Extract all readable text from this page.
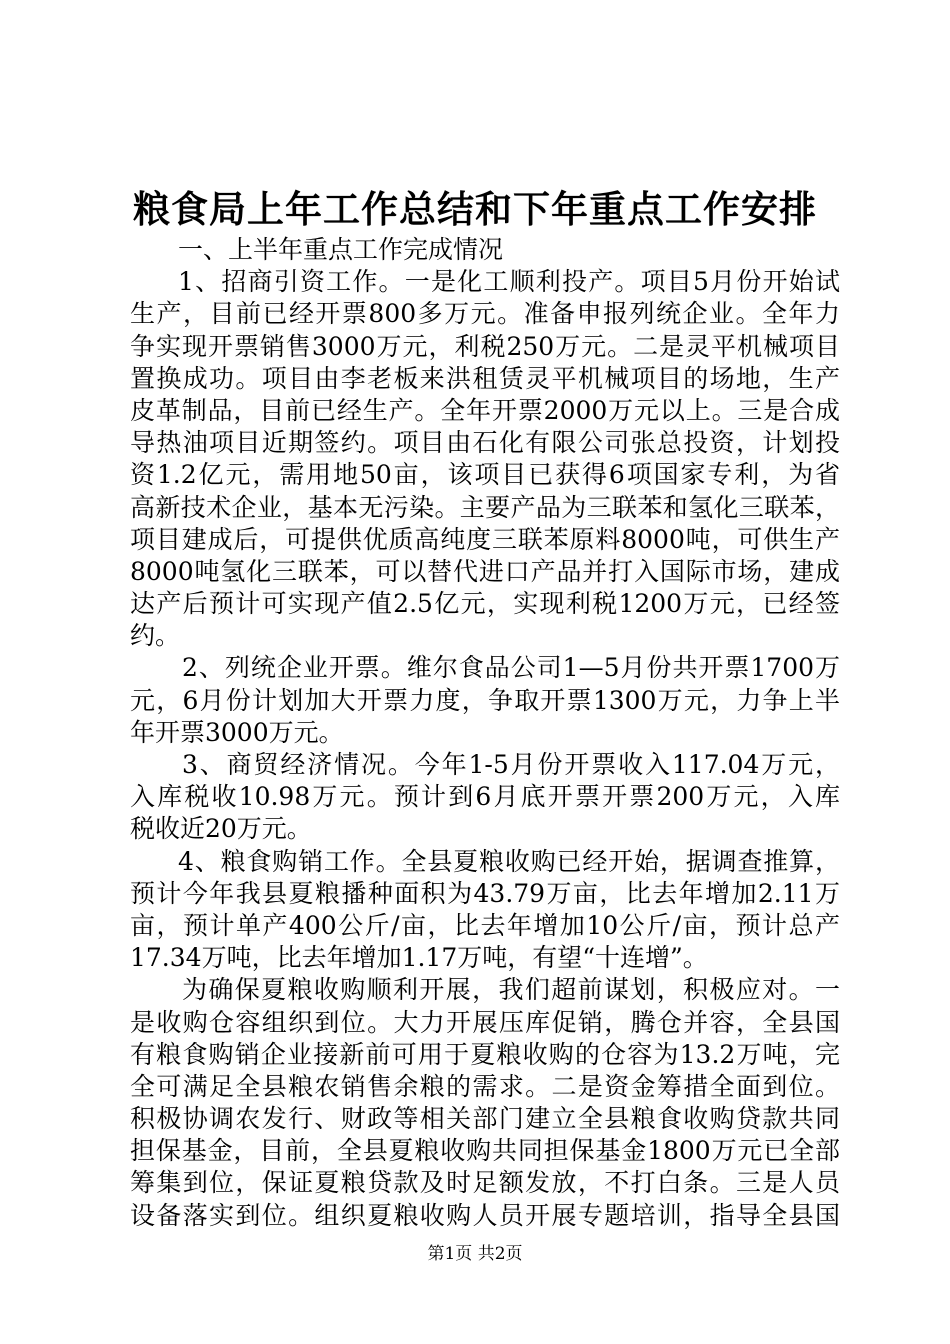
粮食局上年工作总结和下年重点工作安排
一、上半年重点工作完成情况
1、招商引资工作。一是化工顺利投产。项目5月份开始试
生产，目前已经开票800多万元。准备申报列统企业。全年力
争实现开票销售3000万元，利税250万元。二是灵平机械项目
置换成功。项目由李老板来洪租赁灵平机械项目的场地，生产
皮革制品，目前已经生产。全年开票2000万元以上。三是合成
导热油项目近期签约。项目由石化有限公司张总投资，计划投
资1.2亿元，需用地50亩，该项目已获得6项国家专利，为省
高新技术企业，基本无污染。主要产品为三联苯和氢化三联苯，
项目建成后，可提供优质高纯度三联苯原料8000吨，可供生产
8000吨氢化三联苯，可以替代进口产品并打入国际市场，建成
达产后预计可实现产值2.5亿元，实现利税1200万元，已经签
约。
2、列统企业开票。维尔食品公司1—5月份共开票1700万
元，6月份计划加大开票力度，争取开票1300万元，力争上半
年开票3000万元。
3、商贸经济情况。今年1-5月份开票收入117.04万元，
入库税收10.98万元。预计到6月底开票开票200万元，入库
税收近20万元。
4、粮食购销工作。全县夏粮收购已经开始，据调查推算，
预计今年我县夏粮播种面积为43.79万亩，比去年增加2.11万
亩，预计单产400公斤/亩，比去年增加10公斤/亩，预计总产
17.34万吨，比去年增加1.17万吨，有望“十连增”。
为确保夏粮收购顺利开展，我们超前谋划，积极应对。一
是收购仓容组织到位。大力开展压库促销，腾仓并容，全县国
有粮食购销企业接新前可用于夏粮收购的仓容为13.2万吨，完
全可满足全县粮农销售余粮的需求。二是资金筹措全面到位。
积极协调农发行、财政等相关部门建立全县粮食收购贷款共同
担保基金，目前，全县夏粮收购共同担保基金1800万元已全部
筹集到位，保证夏粮贷款及时足额发放，不打白条。三是人员
设备落实到位。组织夏粮收购人员开展专题培训，指导全县国
第1页 共2页
